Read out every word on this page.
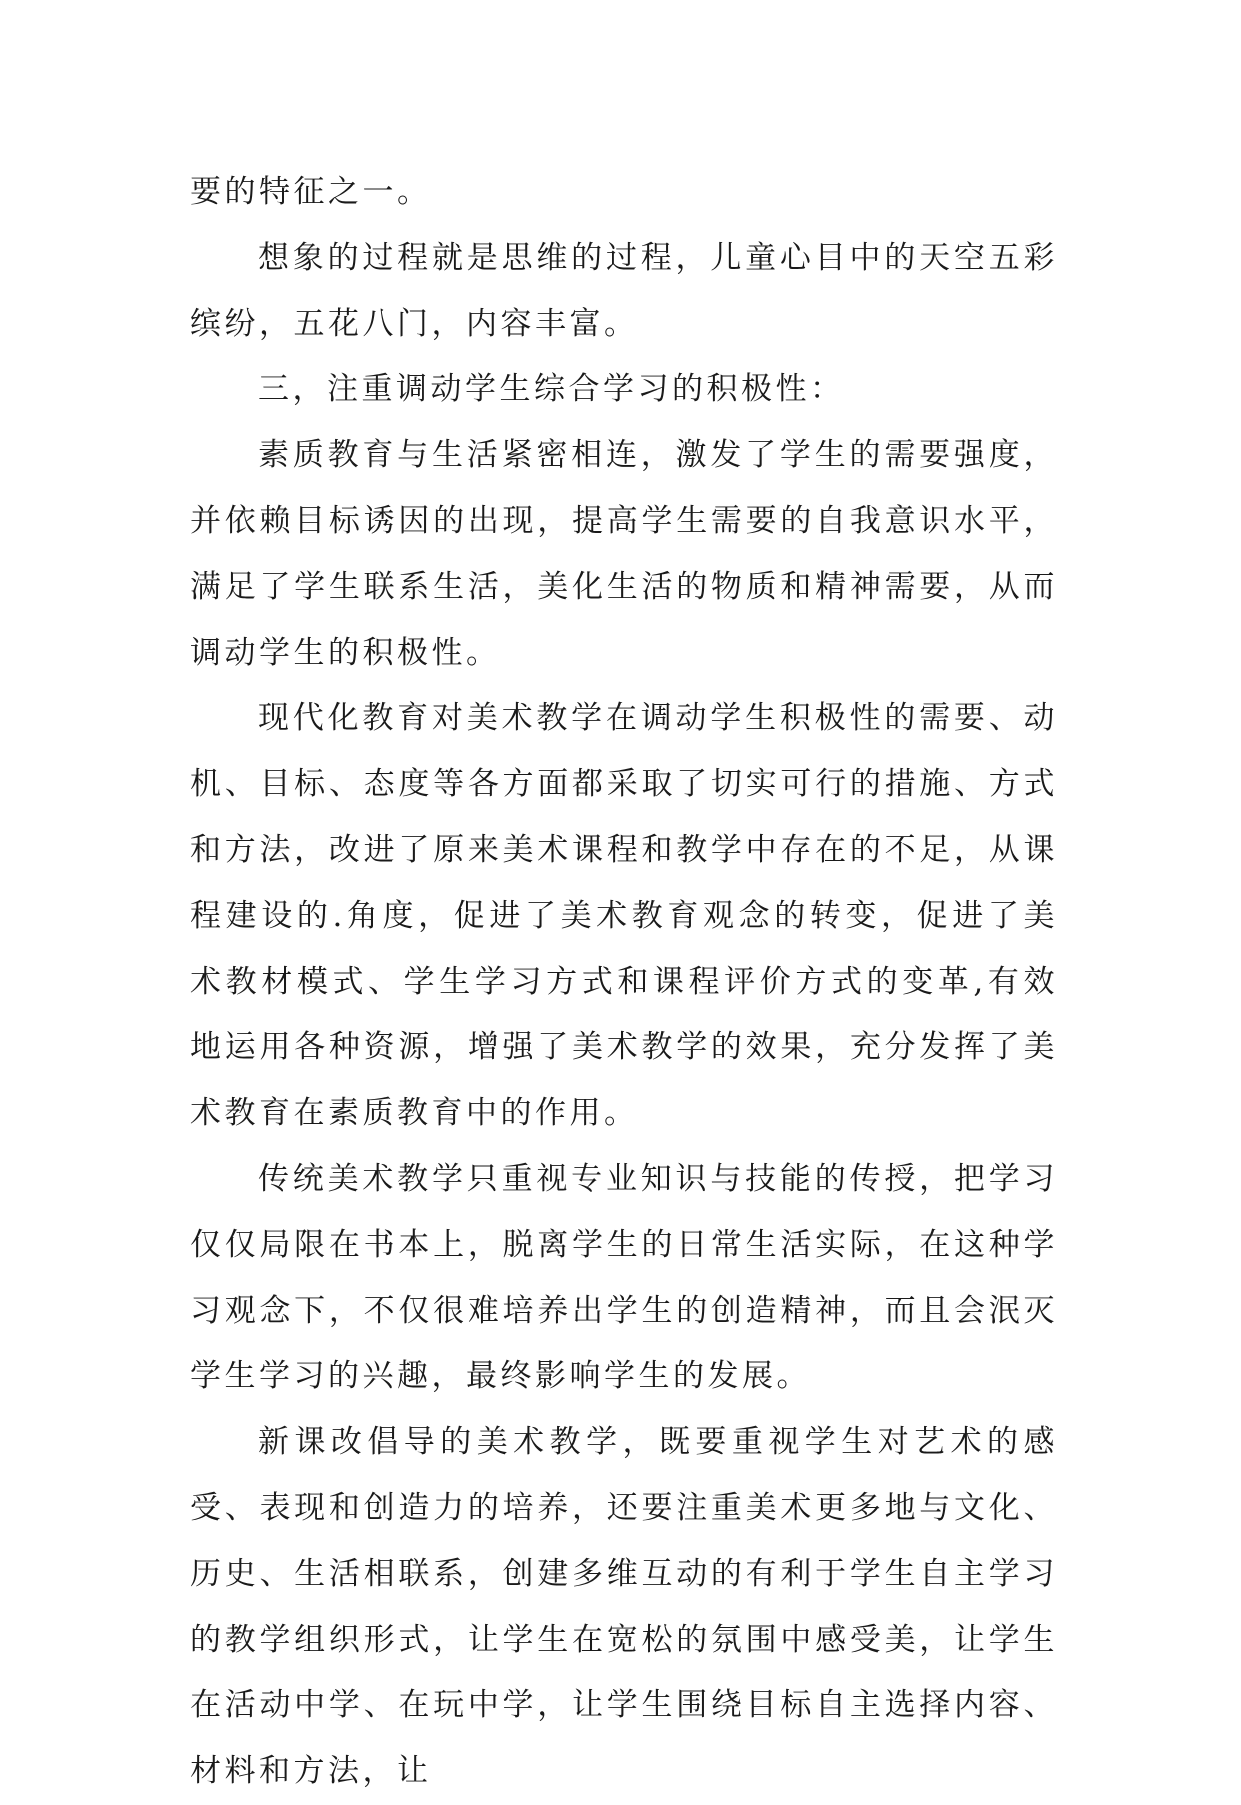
要的特征之一。

想象的过程就是思维的过程，儿童心目中的天空五彩缤纷，五花八门，内容丰富。

三，注重调动学生综合学习的积极性：

素质教育与生活紧密相连，激发了学生的需要强度，并依赖目标诱因的出现，提高学生需要的自我意识水平，满足了学生联系生活，美化生活的物质和精神需要，从而调动学生的积极性。

现代化教育对美术教学在调动学生积极性的需要、动机、目标、态度等各方面都采取了切实可行的措施、方式和方法，改进了原来美术课程和教学中存在的不足，从课程建设的.角度，促进了美术教育观念的转变，促进了美术教材模式、学生学习方式和课程评价方式的变革,有效地运用各种资源，增强了美术教学的效果，充分发挥了美术教育在素质教育中的作用。

传统美术教学只重视专业知识与技能的传授，把学习仅仅局限在书本上，脱离学生的日常生活实际，在这种学习观念下，不仅很难培养出学生的创造精神，而且会泯灭学生学习的兴趣，最终影响学生的发展。

新课改倡导的美术教学，既要重视学生对艺术的感受、表现和创造力的培养，还要注重美术更多地与文化、历史、生活相联系，创建多维互动的有利于学生自主学习的教学组织形式，让学生在宽松的氛围中感受美，让学生在活动中学、在玩中学，让学生围绕目标自主选择内容、材料和方法，让
